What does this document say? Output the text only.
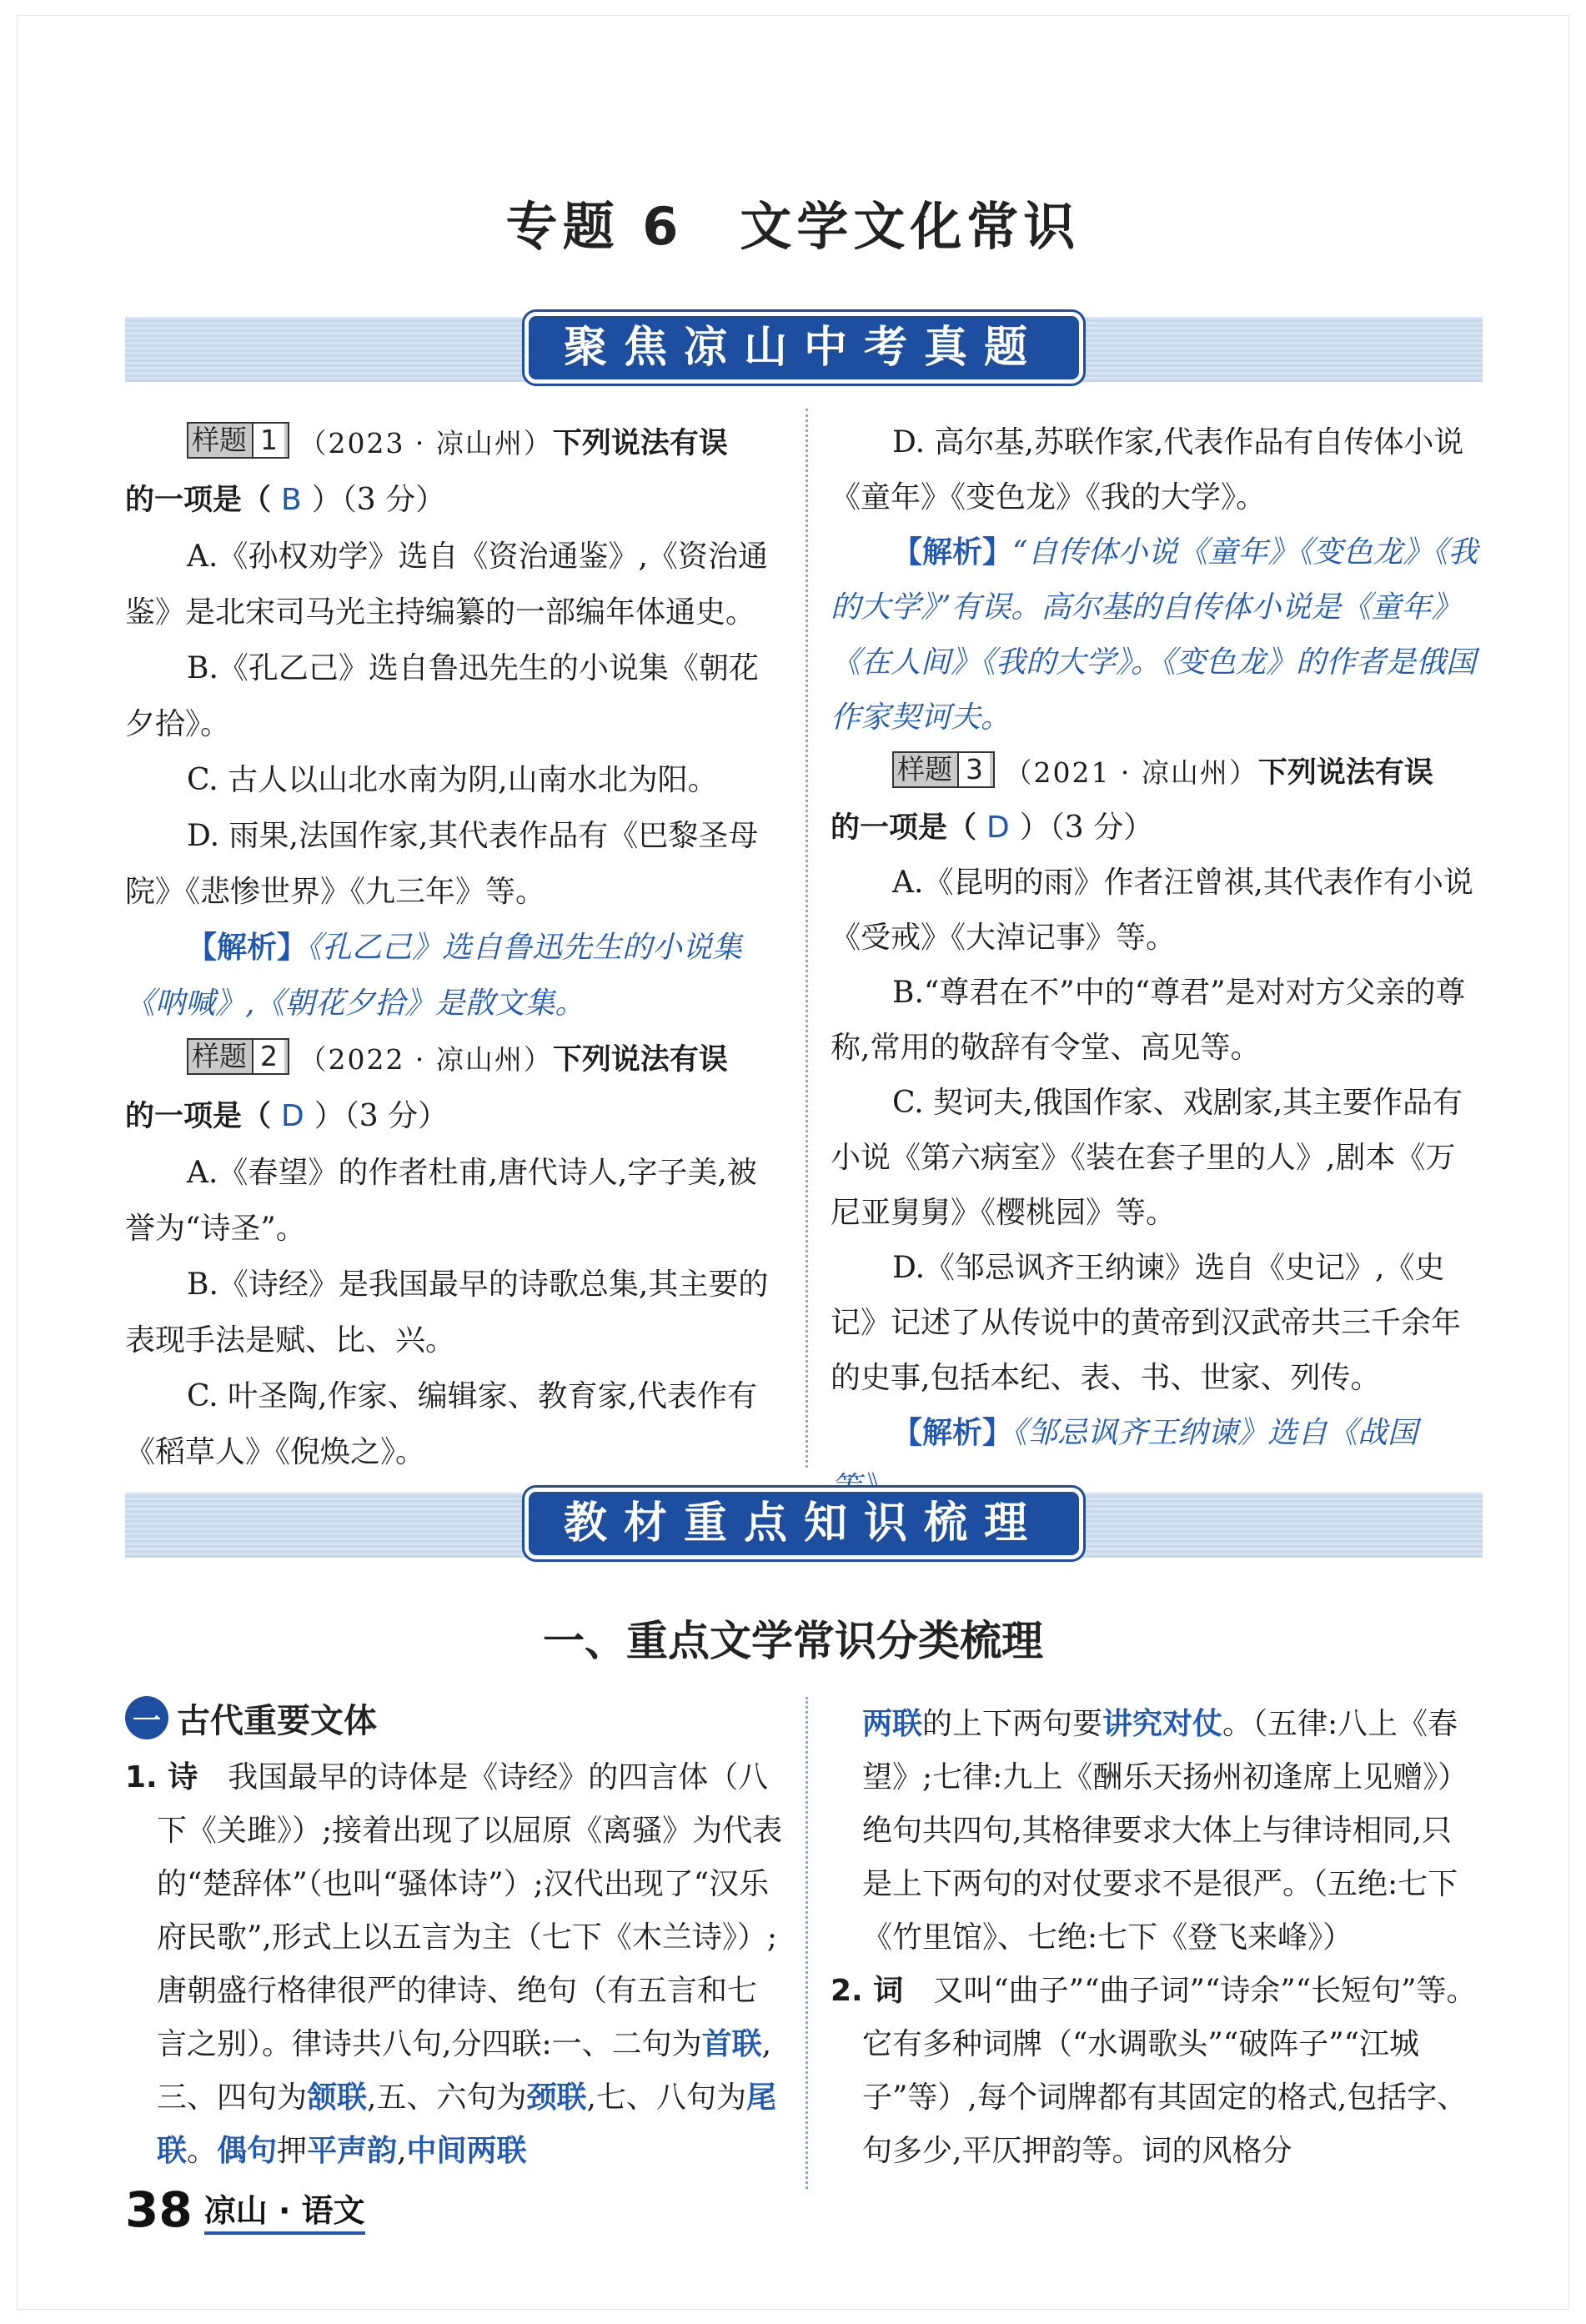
专题 6　文学文化常识
聚焦凉山中考真题

样题 1 （2023 · 凉山州）下列说法有误

的一项是（ B ）（3 分）

A.《孙权劝学》选自《资治通鉴》,《资治通鉴》是北宋司马光主持编纂的一部编年体通史。

B.《孔乙己》选自鲁迅先生的小说集《朝花夕拾》。

C. 古人以山北水南为阴,山南水北为阳。

D. 雨果,法国作家,其代表作品有《巴黎圣母院》《悲惨世界》《九三年》等。

【解析】《孔乙己》选自鲁迅先生的小说集《呐喊》,《朝花夕拾》是散文集。

样题 2 （2022 · 凉山州）下列说法有误

的一项是（ D ）（3 分）

A.《春望》的作者杜甫,唐代诗人,字子美,被誉为“诗圣”。

B.《诗经》是我国最早的诗歌总集,其主要的表现手法是赋、比、兴。

C. 叶圣陶,作家、编辑家、教育家,代表作有《稻草人》《倪焕之》。

D. 高尔基,苏联作家,代表作品有自传体小说《童年》《变色龙》《我的大学》。

【解析】“自传体小说《童年》《变色龙》《我的大学》”有误。高尔基的自传体小说是《童年》《在人间》《我的大学》。《变色龙》的作者是俄国作家契诃夫。

样题 3 （2021 · 凉山州）下列说法有误

的一项是（ D ）（3 分）

A.《昆明的雨》作者汪曾祺,其代表作有小说《受戒》《大淖记事》等。

B.“尊君在不”中的“尊君”是对对方父亲的尊称,常用的敬辞有令堂、高见等。

C. 契诃夫,俄国作家、戏剧家,其主要作品有小说《第六病室》《装在套子里的人》,剧本《万尼亚舅舅》《樱桃园》等。

D.《邹忌讽齐王纳谏》选自《史记》,《史记》记述了从传说中的黄帝到汉武帝共三千余年的史事,包括本纪、表、书、世家、列传。

【解析】《邹忌讽齐王纳谏》选自《战国

教材重点知识梳理
一、重点文学常识分类梳理
一 古代重要文体

1. 诗　我国最早的诗体是《诗经》的四言体（八下《关雎》）;接着出现了以屈原《离骚》为代表的“楚辞体”（也叫“骚体诗”）;汉代出现了“汉乐府民歌”,形式上以五言为主（七下《木兰诗》）;唐朝盛行格律很严的律诗、绝句（有五言和七言之别）。律诗共八句,分四联:一、二句为首联,三、四句为颔联,五、六句为颈联,七、八句为尾联。偶句押平声韵,中间两联

两联的上下两句要讲究对仗。（五律:八上《春望》;七律:九上《酬乐天扬州初逢席上见赠》）绝句共四句,其格律要求大体上与律诗相同,只是上下两句的对仗要求不是很严。（五绝:七下《竹里馆》、七绝:七下《登飞来峰》）

2. 词　又叫“曲子”“曲子词”“诗余”“长短句”等。它有多种词牌（“水调歌头”“破阵子”“江城子”等）,每个词牌都有其固定的格式,包括字、句多少,平仄押韵等。词的风格分

38 凉山 · 语文
